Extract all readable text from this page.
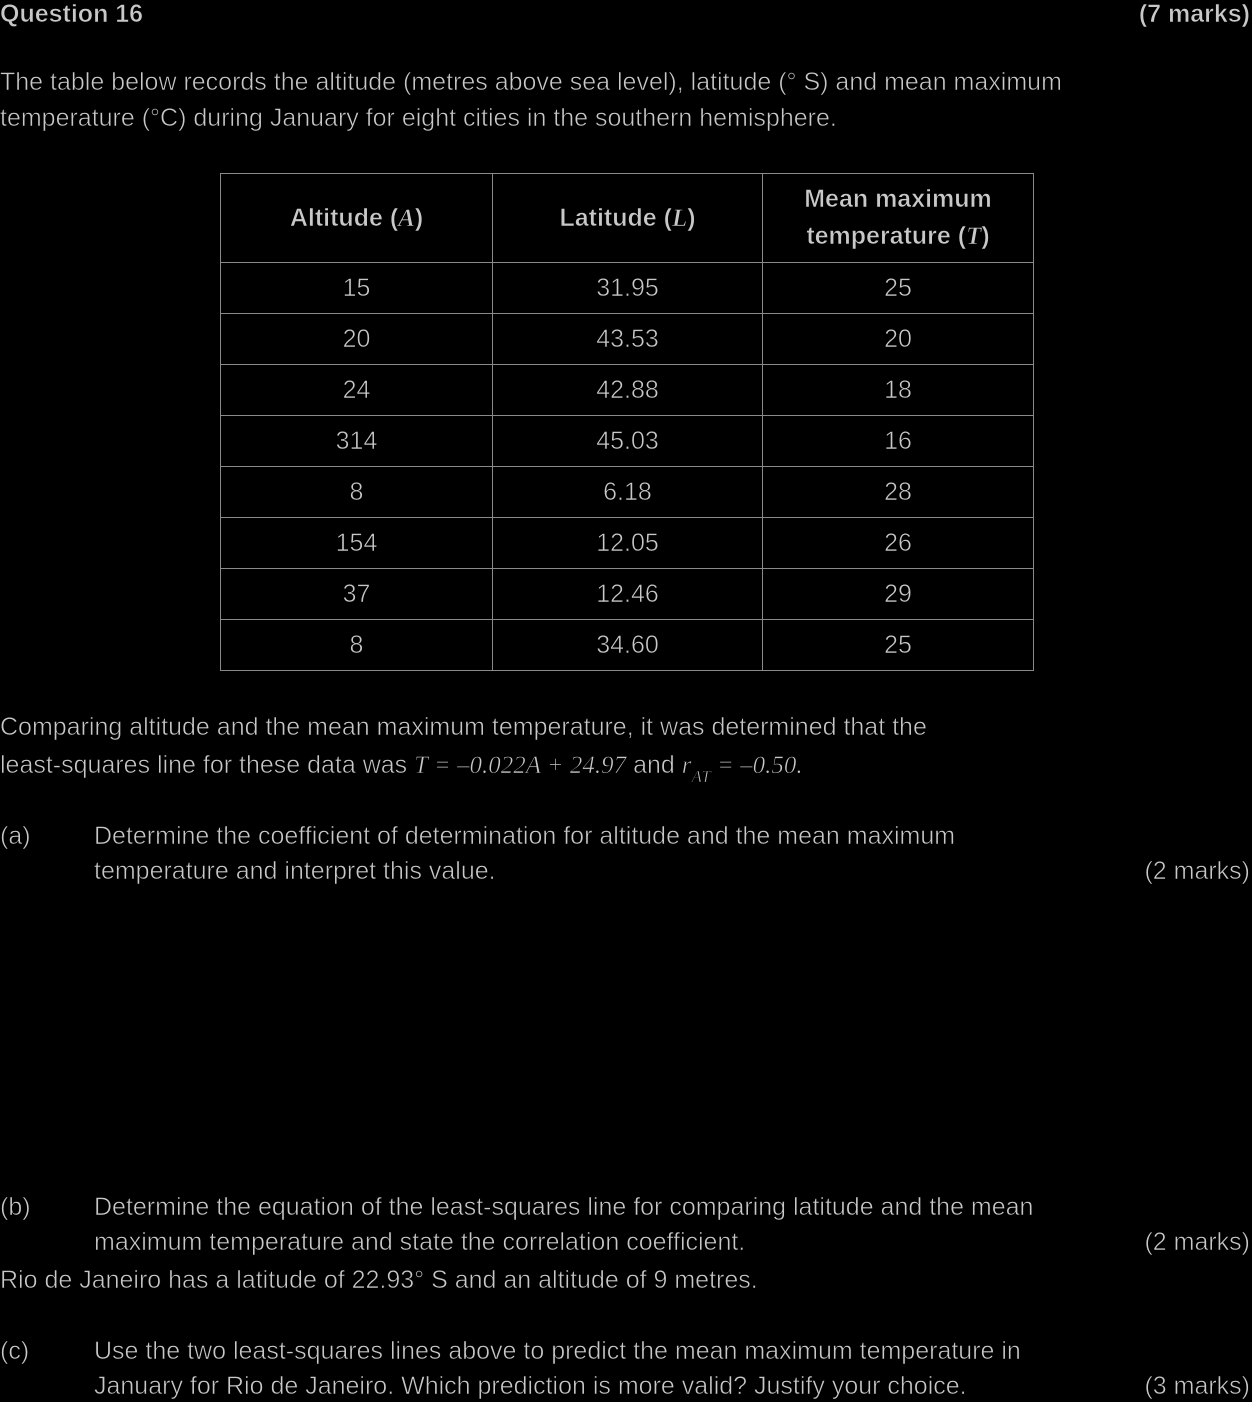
Question 16	(7 marks)
The table below records the altitude (metres above sea level), latitude (° S) and mean maximum
temperature (°C) during January for eight cities in the southern hemisphere.
Altitude (A)	Latitude (L)	Mean maximum
temperature (T)
15	31.95	25
20	43.53	20
24	42.88	18
314	45.03	16
8	6.18	28
154	12.05	26
37	12.46	29
8	34.60	25
Comparing altitude and the mean maximum temperature, it was determined that the
least-squares line for these data was T = –0.022A + 24.97 and $r_{AT} = -0.50$.
(a)	Determine the coefficient of determination for altitude and the mean maximum
temperature and interpret this value.	(2 marks)
(b)	Determine the equation of the least-squares line for comparing latitude and the mean
maximum temperature and state the correlation coefficient.	(2 marks)
Rio de Janeiro has a latitude of 22.93° S and an altitude of 9 metres.
(c)	Use the two least-squares lines above to predict the mean maximum temperature in
January for Rio de Janeiro. Which prediction is more valid? Justify your choice.	(3 marks)
